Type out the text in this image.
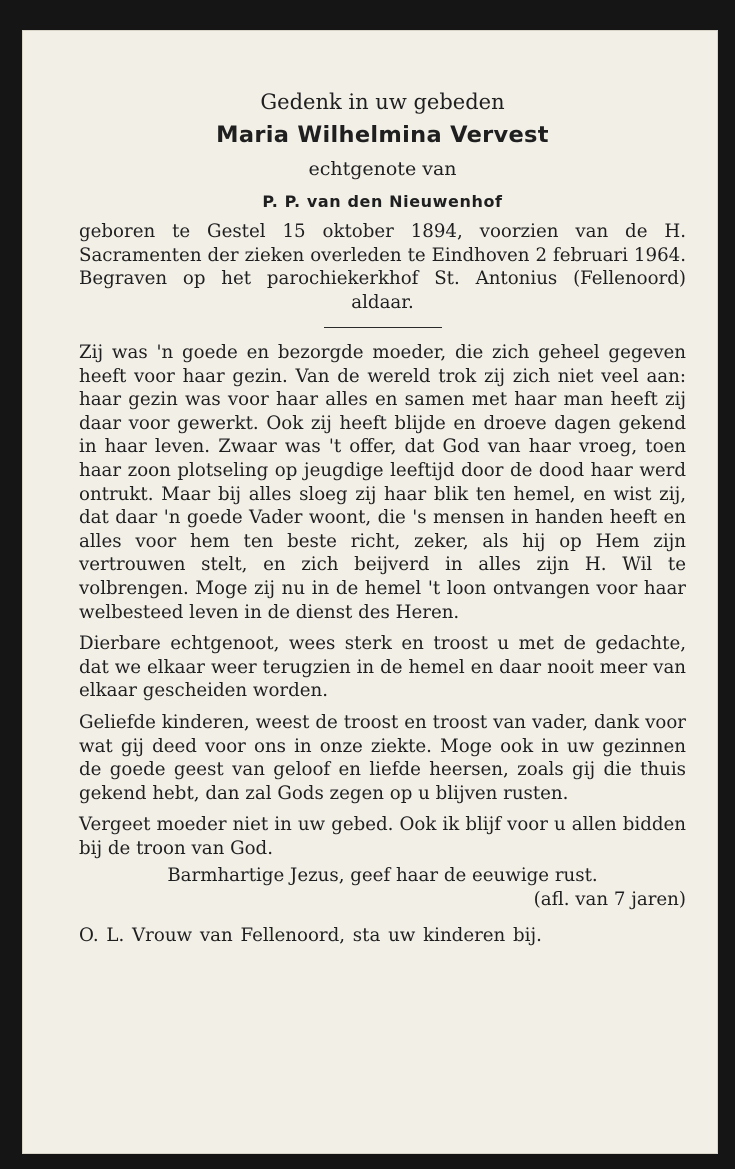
Gedenk in uw gebeden
Maria Wilhelmina Vervest
echtgenote van
P. P. van den Nieuwenhof
geboren te Gestel 15 oktober 1894, voorzien van de H. Sacramenten der zieken overleden te Eindhoven 2 februari 1964. Begraven op het parochiekerkhof St. Antonius (Fellenoord) aldaar.

Zij was 'n goede en bezorgde moeder, die zich geheel gegeven heeft voor haar gezin. Van de wereld trok zij zich niet veel aan: haar gezin was voor haar alles en samen met haar man heeft zij daar voor gewerkt. Ook zij heeft blijde en droeve dagen gekend in haar leven. Zwaar was 't offer, dat God van haar vroeg, toen haar zoon plotseling op jeugdige leeftijd door de dood haar werd ontrukt. Maar bij alles sloeg zij haar blik ten hemel, en wist zij, dat daar 'n goede Vader woont, die 's mensen in handen heeft en alles voor hem ten beste richt, zeker, als hij op Hem zijn vertrouwen stelt, en zich beijverd in alles zijn H. Wil te volbrengen. Moge zij nu in de hemel 't loon ontvangen voor haar welbesteed leven in de dienst des Heren.

Dierbare echtgenoot, wees sterk en troost u met de gedachte, dat we elkaar weer terugzien in de hemel en daar nooit meer van elkaar gescheiden worden.

Geliefde kinderen, weest de troost en troost van vader, dank voor wat gij deed voor ons in onze ziekte. Moge ook in uw gezinnen de goede geest van geloof en liefde heersen, zoals gij die thuis gekend hebt, dan zal Gods zegen op u blijven rusten.

Vergeet moeder niet in uw gebed. Ook ik blijf voor u allen bidden bij de troon van God.

Barmhartige Jezus, geef haar de eeuwige rust.
(afl. van 7 jaren)
O. L. Vrouw van Fellenoord, sta uw kinderen bij.
